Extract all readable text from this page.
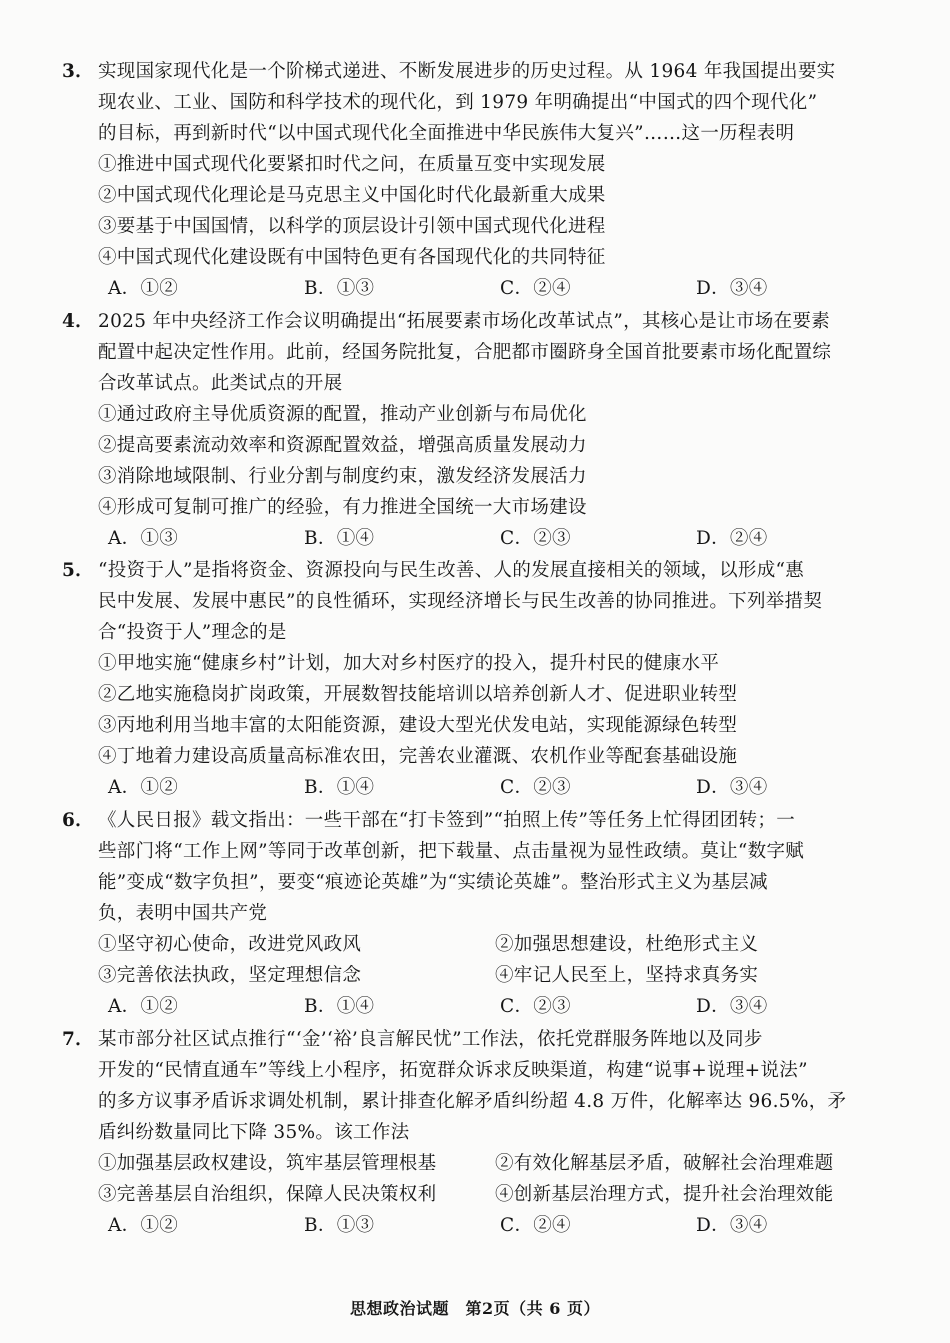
3． 实现国家现代化是一个阶梯式递进、不断发展进步的历史过程。从 1964 年我国提出要实
现农业、工业、国防和科学技术的现代化，到 1979 年明确提出“中国式的四个现代化”
的目标，再到新时代“以中国式现代化全面推进中华民族伟大复兴”……这一历程表明
①推进中国式现代化要紧扣时代之问，在质量互变中实现发展
②中国式现代化理论是马克思主义中国化时代化最新重大成果
③要基于中国国情，以科学的顶层设计引领中国式现代化进程
④中国式现代化建设既有中国特色更有各国现代化的共同特征
A．①②	B．①③	C．②④	D．③④
4． 2025 年中央经济工作会议明确提出“拓展要素市场化改革试点”，其核心是让市场在要素
配置中起决定性作用。此前，经国务院批复，合肥都市圈跻身全国首批要素市场化配置综
合改革试点。此类试点的开展
①通过政府主导优质资源的配置，推动产业创新与布局优化
②提高要素流动效率和资源配置效益，增强高质量发展动力
③消除地域限制、行业分割与制度约束，激发经济发展活力
④形成可复制可推广的经验，有力推进全国统一大市场建设
A．①③	B．①④	C．②③	D．②④
5． “投资于人”是指将资金、资源投向与民生改善、人的发展直接相关的领域，以形成“惠
民中发展、发展中惠民”的良性循环，实现经济增长与民生改善的协同推进。下列举措契
合“投资于人”理念的是
①甲地实施“健康乡村”计划，加大对乡村医疗的投入，提升村民的健康水平
②乙地实施稳岗扩岗政策，开展数智技能培训以培养创新人才、促进职业转型
③丙地利用当地丰富的太阳能资源，建设大型光伏发电站，实现能源绿色转型
④丁地着力建设高质量高标准农田，完善农业灌溉、农机作业等配套基础设施
A．①②	B．①④	C．②③	D．③④
6． 《人民日报》载文指出：一些干部在“打卡签到”“拍照上传”等任务上忙得团团转；一
些部门将“工作上网”等同于改革创新，把下载量、点击量视为显性政绩。莫让“数字赋
能”变成“数字负担”，要变“痕迹论英雄”为“实绩论英雄”。整治形式主义为基层减
负，表明中国共产党
①坚守初心使命，改进党风政风	②加强思想建设，杜绝形式主义
③完善依法执政，坚定理想信念	④牢记人民至上，坚持求真务实
A．①②	B．①④	C．②③	D．③④
7． 某市部分社区试点推行“‘金’‘裕’良言解民忧”工作法，依托党群服务阵地以及同步
开发的“民情直通车”等线上小程序，拓宽群众诉求反映渠道，构建“说事+说理+说法”
的多方议事矛盾诉求调处机制，累计排查化解矛盾纠纷超 4.8 万件，化解率达 96.5%，矛
盾纠纷数量同比下降 35%。该工作法
①加强基层政权建设，筑牢基层管理根基	②有效化解基层矛盾，破解社会治理难题
③完善基层自治组织，保障人民决策权利	④创新基层治理方式，提升社会治理效能
A．①②	B．①③	C．②④	D．③④
思想政治试题　第2页（共 6 页）
